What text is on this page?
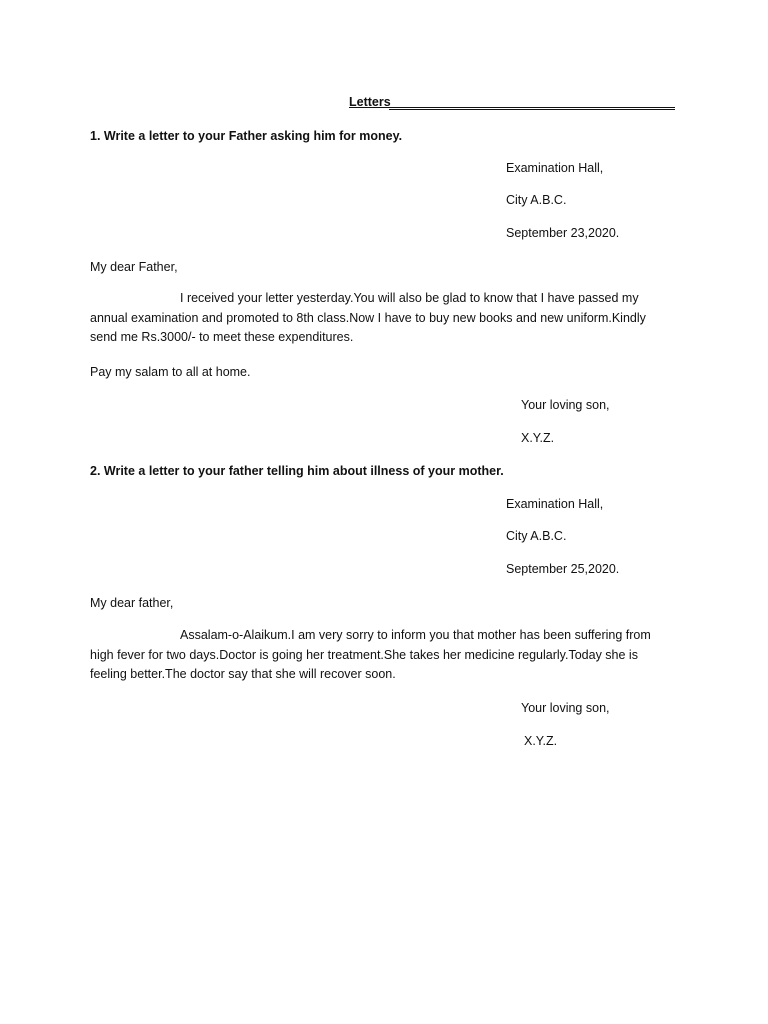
Letters
1. Write a letter to your Father asking him for money.
Examination Hall,
City A.B.C.
September 23,2020.
My dear Father,
I received your letter yesterday.You will also be glad to know that I have passed my annual examination and promoted to 8th class.Now I have to buy new books and new uniform.Kindly send me Rs.3000/- to meet these expenditures.
Pay my salam to all at home.
Your loving son,
X.Y.Z.
2. Write a letter to your father telling him about illness of your mother.
Examination Hall,
City A.B.C.
September 25,2020.
My dear father,
Assalam-o-Alaikum.I am very sorry to inform you that mother has been suffering from high fever for two days.Doctor is going her treatment.She takes her medicine regularly.Today she is feeling better.The doctor say that she will recover soon.
Your loving son,
X.Y.Z.
